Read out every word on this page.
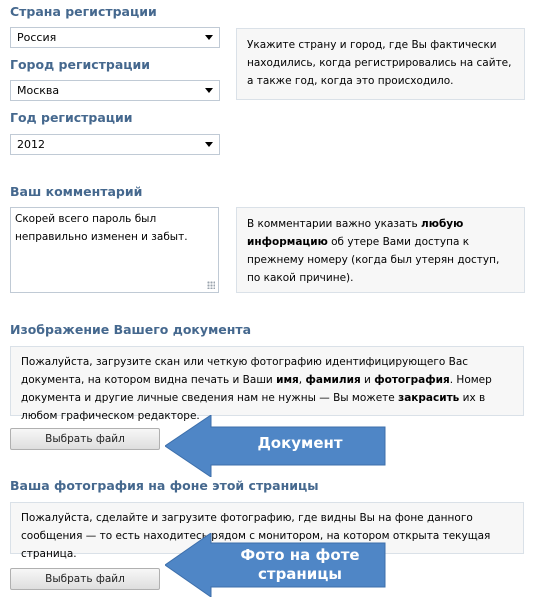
Страна регистрации
Россия
Город регистрации
Москва
Год регистрации
2012
Укажите страну и город, где Вы фактически находились, когда регистрировались на сайте, а также год, когда это происходило.
Ваш комментарий
Скорей всего пароль был неправильно изменен и забыт.
В комментарии важно указать любую информацию об утере Вами доступа к прежнему номеру (когда был утерян доступ, по какой причине).
Изображение Вашего документа
Пожалуйста, загрузите скан или четкую фотографию идентифицирующего Вас документа, на котором видна печать и Ваши имя, фамилия и фотография. Номер документа и другие личные сведения нам не нужны — Вы можете закрасить их в любом графическом редакторе.
Выбрать файл	Документ
Ваша фотография на фоне этой страницы
Пожалуйста, сделайте и загрузите фотографию, где видны Вы на фоне данного сообщения — то есть находитесь рядом с монитором, на котором открыта текущая страница.
Выбрать файл
Фото на фоте
страницы
